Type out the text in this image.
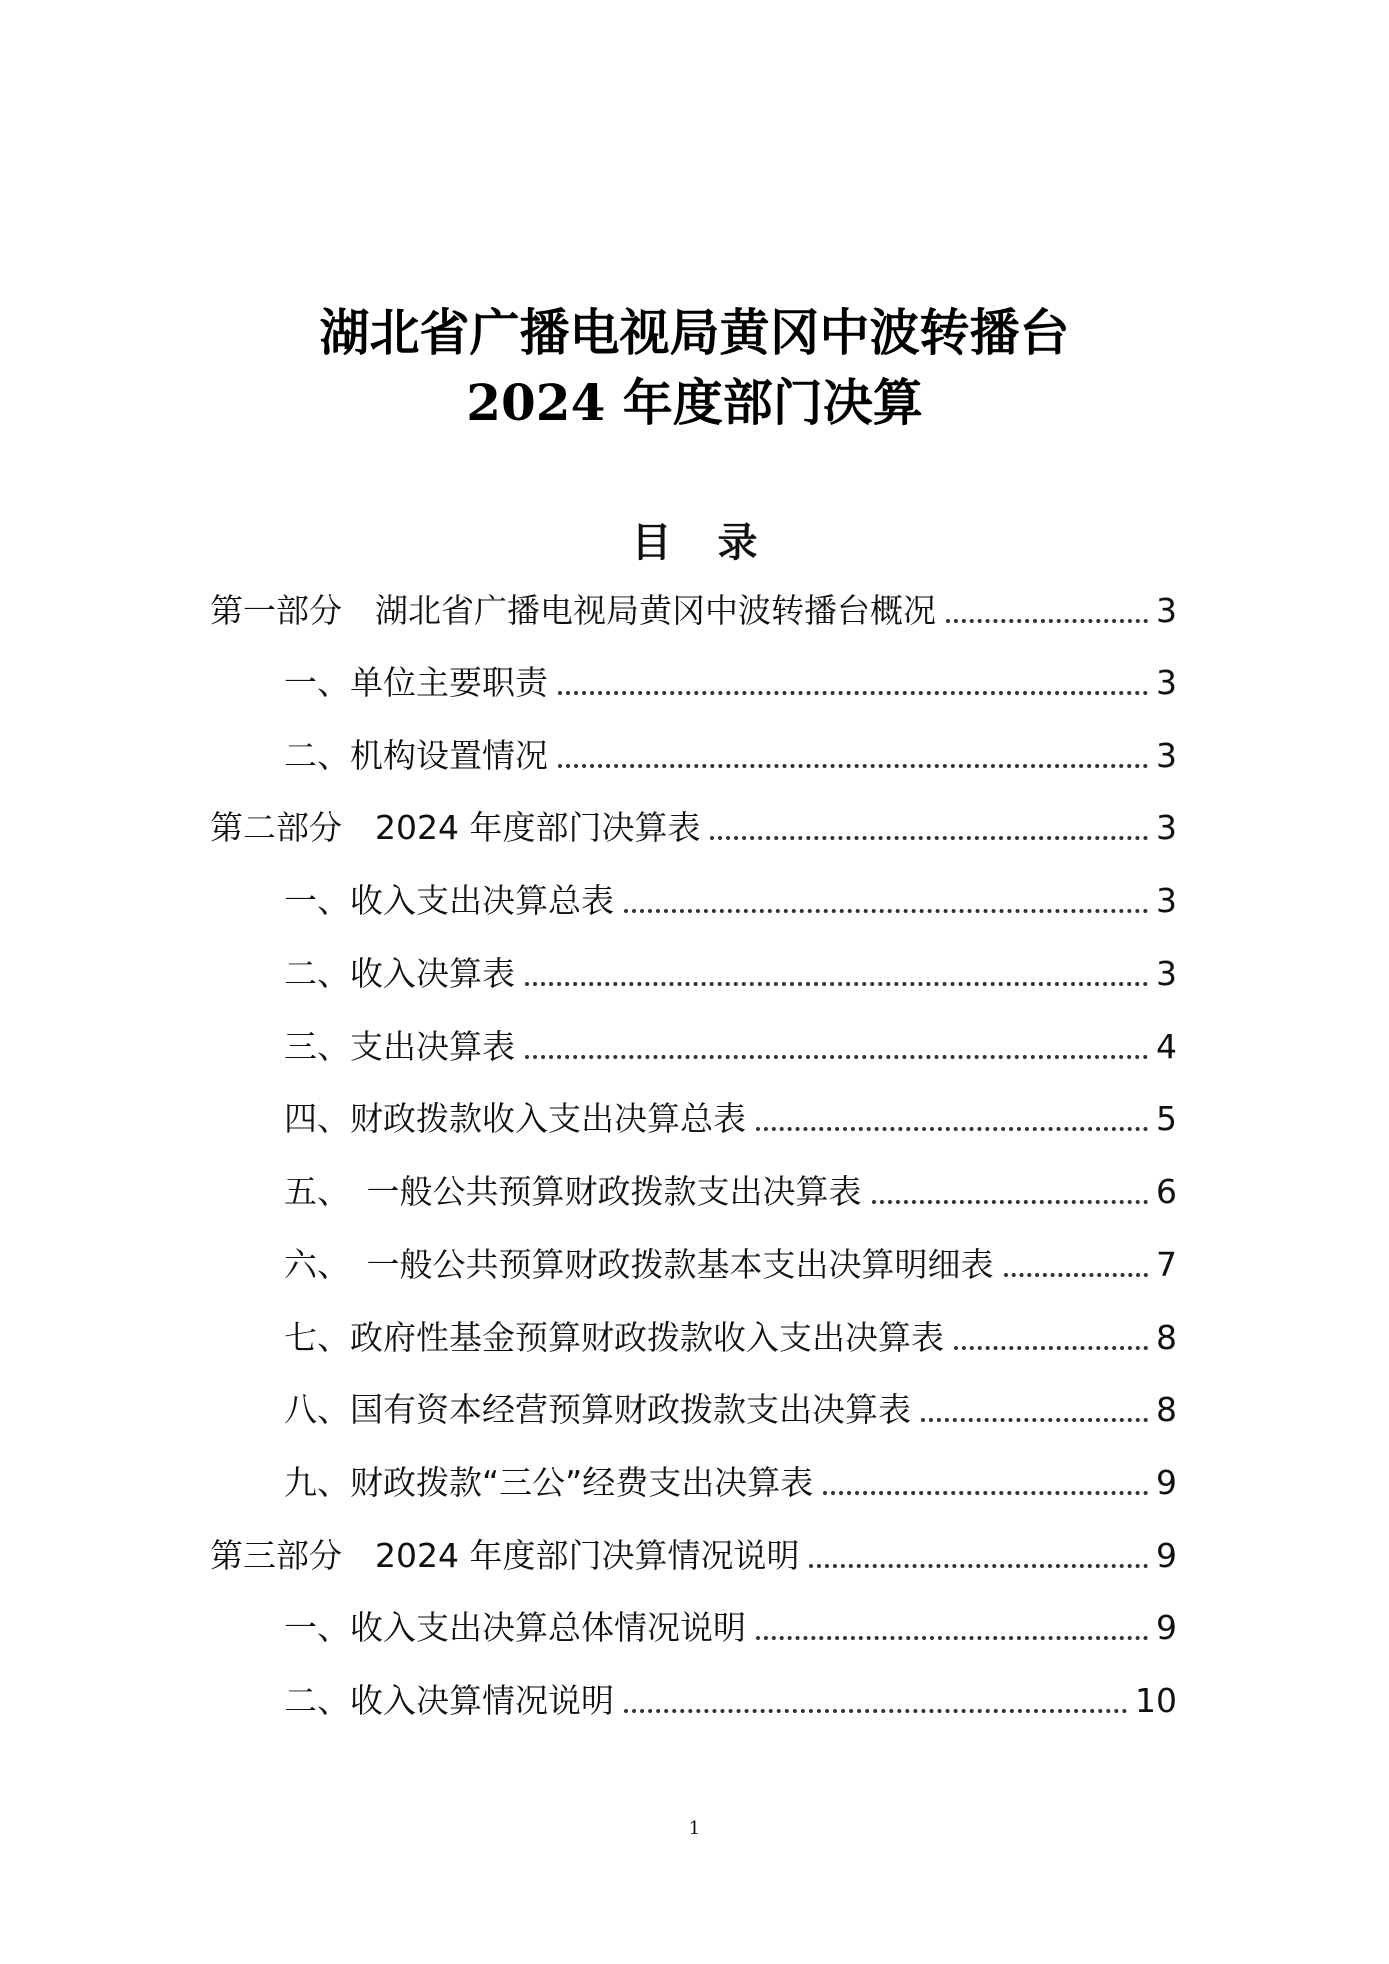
湖北省广播电视局黄冈中波转播台
2024 年度部门决算
目录
第一部分　湖北省广播电视局黄冈中波转播台概况	3
一、单位主要职责	3
二、机构设置情况	3
第二部分　2024 年度部门决算表	3
一、收入支出决算总表	3
二、收入决算表	3
三、支出决算表	4
四、财政拨款收入支出决算总表	5
五、　一般公共预算财政拨款支出决算表	6
六、　一般公共预算财政拨款基本支出决算明细表	7
七、政府性基金预算财政拨款收入支出决算表	8
八、国有资本经营预算财政拨款支出决算表	8
九、财政拨款“三公”经费支出决算表	9
第三部分　2024 年度部门决算情况说明	9
一、收入支出决算总体情况说明	9
二、收入决算情况说明	10
1
